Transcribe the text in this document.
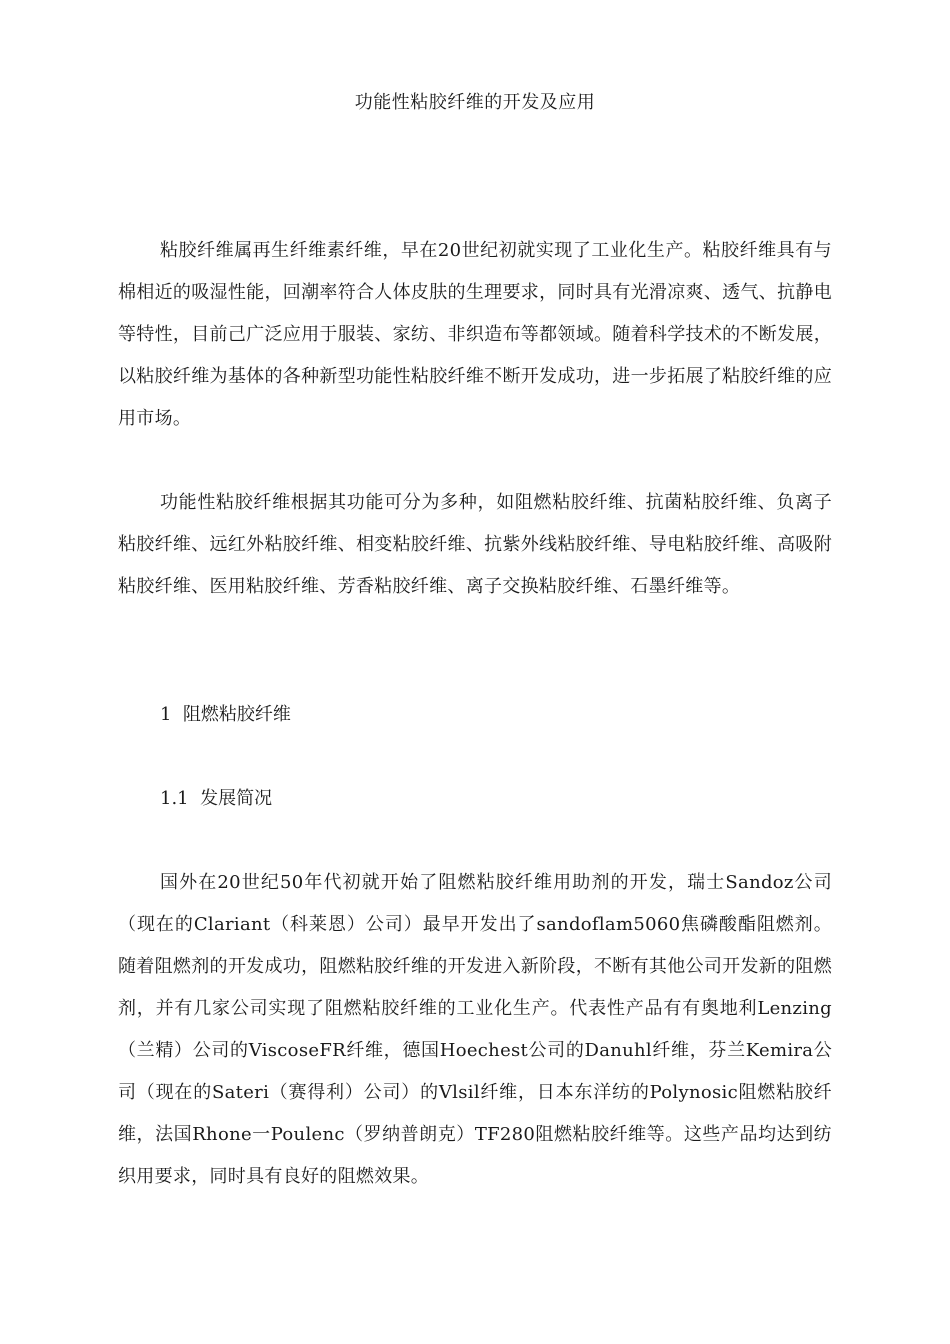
功能性粘胶纤维的开发及应用

粘胶纤维属再生纤维素纤维，早在20世纪初就实现了工业化生产。粘胶纤维具有与棉相近的吸湿性能，回潮率符合人体皮肤的生理要求，同时具有光滑凉爽、透气、抗静电等特性，目前己广泛应用于服装、家纺、非织造布等都领域。随着科学技术的不断发展，以粘胶纤维为基体的各种新型功能性粘胶纤维不断开发成功，进一步拓展了粘胶纤维的应用市场。

功能性粘胶纤维根据其功能可分为多种，如阻燃粘胶纤维、抗菌粘胶纤维、负离子粘胶纤维、远红外粘胶纤维、相变粘胶纤维、抗紫外线粘胶纤维、导电粘胶纤维、高吸附粘胶纤维、医用粘胶纤维、芳香粘胶纤维、离子交换粘胶纤维、石墨纤维等。

1  阻燃粘胶纤维
1.1  发展简况

国外在20世纪50年代初就开始了阻燃粘胶纤维用助剂的开发，瑞士Sandoz公司（现在的Clariant（科莱恩）公司）最早开发出了sandoflam5060焦磷酸酯阻燃剂。随着阻燃剂的开发成功，阻燃粘胶纤维的开发进入新阶段，不断有其他公司开发新的阻燃剂，并有几家公司实现了阻燃粘胶纤维的工业化生产。代表性产品有有奥地利Lenzing（兰精）公司的ViscoseFR纤维，德国Hoechest公司的Danuhl纤维，芬兰Kemira公司（现在的Sateri（赛得利）公司）的Vlsil纤维，日本东洋纺的Polynosic阻燃粘胶纤维，法国Rhone一Poulenc（罗纳普朗克）TF280阻燃粘胶纤维等。这些产品均达到纺织用要求，同时具有良好的阻燃效果。
